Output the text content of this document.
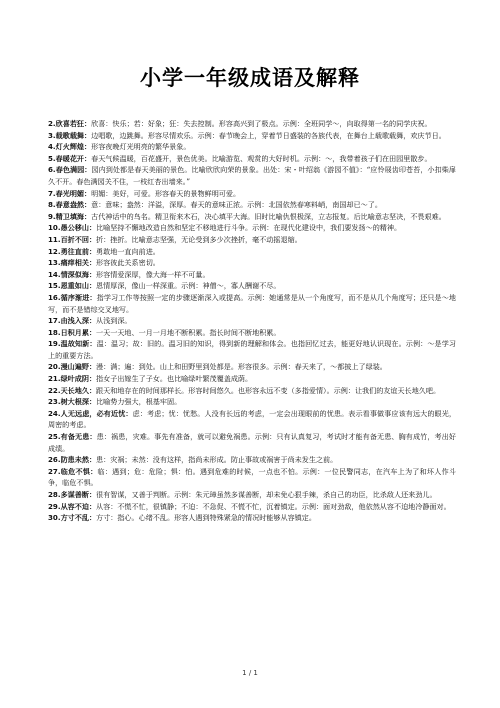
小学一年级成语及解释

2.欣喜若狂：欣喜：快乐；若：好象；狂：失去控制。形容高兴到了极点。示例：全班同学～，向取得第一名的同学庆祝。

3.载歌载舞：边唱歌，边跳舞。形容尽情欢乐。示例：春节晚会上，穿着节日盛装的各族代表，在舞台上载歌载舞，欢庆节日。

4.灯火辉煌：形容夜晚灯光明亮的繁华景象。

5.春暖花开：春天气候温暖，百花盛开，景色优美。比喻游览、观赏的大好时机。示例：～，我带着孩子们在田园里散步。

6.春色满园：园内到处都是春天美丽的景色。比喻欣欣向荣的景象。出处：宋・叶绍翁《游园不值》：“应怜屐齿印苍苔，小扣柴扉久不开。春色满园关不住，一枝红杏出墙来。”

7.春光明媚：明媚：美好，可爱。形容春天的景物鲜明可爱。

8.春意盎然：意：意味；盎然：洋溢，深厚。春天的意味正浓。示例：北国依然春寒料峭，南国却已～了。

9.精卫填海：古代神话中的鸟名。精卫衔来木石，决心填平大海。旧时比喻仇恨极深，立志报复。后比喻意志坚决，不畏艰难。

10.愚公移山：比喻坚持不懈地改造自然和坚定不移地进行斗争。示例：在现代化建设中，我们要发扬～的精神。

11.百折不回：折：挫折。比喻意志坚强，无论受到多少次挫折，毫不动摇退缩。

12.勇往直前：勇敢地一直向前进。

13.痛痒相关：形容彼此关系密切。

14.情深似海：形容情爱深厚，像大海一样不可量。

15.恩重如山：恩情厚深，像山一样深重。示例：神僧～，寡人酬谢不尽。

16.循序渐进：指学习工作等按照一定的步骤逐渐深入或提高。示例：她通常是从一个角度写，而不是从几个角度写；还只是～地写，而不是错综交叉地写。

17.由浅入深：从浅到深。

18.日积月累：一天一天地、一月一月地不断积累。指长时间不断地积累。

19.温故知新：温：温习；故：旧的。温习旧的知识，得到新的理解和体会。也指回忆过去，能更好地认识现在。示例：～是学习上的重要方法。

20.漫山遍野：漫：满；遍：到处。山上和田野里到处都是。形容很多。示例：春天来了，～都披上了绿装。

21.绿叶成阴：指女子出嫁生了子女。也比喻绿叶繁茂覆盖成荫。

22.天长地久：跟天和地存在的时间那样长。形容时间悠久。也形容永远不变（多指爱情）。示例：让我们的友谊天长地久吧。

23.树大根深：比喻势力强大，根基牢固。

24.人无远虑，必有近忧：虑：考虑；忧：忧愁。人没有长远的考虑，一定会出现眼前的忧患。表示看事做事应该有远大的眼光，周密的考虑。

25.有备无患：患：祸患，灾难。事先有准备，就可以避免祸患。示例：只有认真复习，考试时才能有备无患、胸有成竹，考出好成绩。

26.防患未然：患：灾祸；未然：没有这样，指尚未形成。防止事故或祸害于尚未发生之前。

27.临危不惧：临：遇到；危：危险；惧：怕。遇到危难的时候，一点也不怕。示例：一位民警同志，在汽车上为了和坏人作斗争，临危不惧。

28.多谋善断：很有智谋，又善于判断。示例：朱元璋虽然多谋善断，却未免心狠手辣，杀自己的功臣，比杀敌人还来劲儿。

29.从容不迫：从容：不慌不忙，很镇静；不迫：不急促、不慌不忙，沉着镇定。示例：面对劲敌，他依然从容不迫地冷静面对。

30.方寸不乱：方寸：指心。心绪不乱。形容人遇到特殊紧急的情况时能够从容镇定。

1 / 1
